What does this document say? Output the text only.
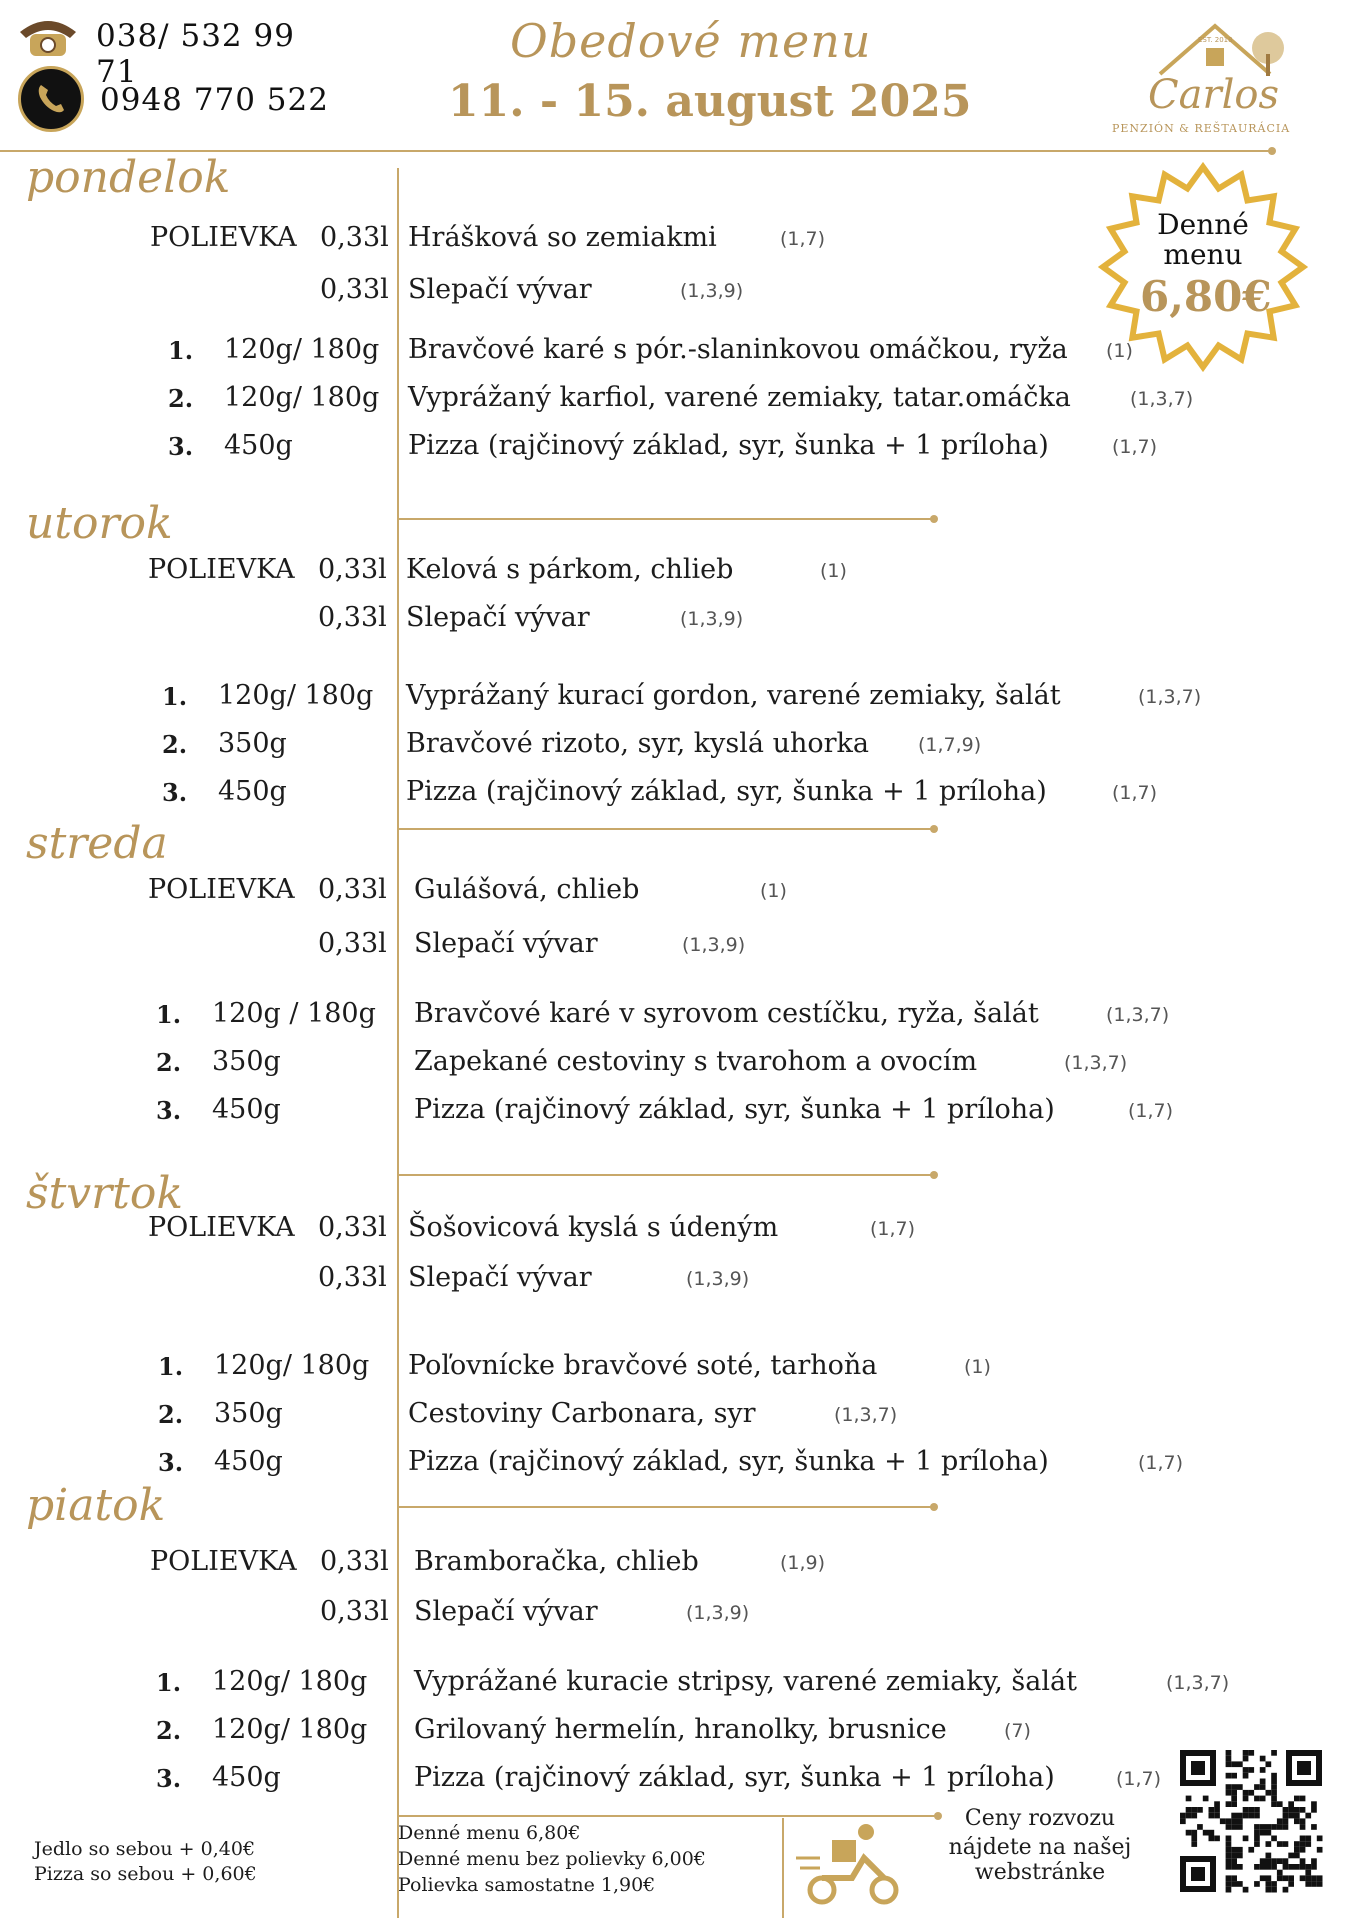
038/ 532 99 71
0948 770 522
Obedové menu
11. - 15. august 2025
EST. 2018
Carlos
PENZIÓN & REŠTAURÁCIA
Denné
menu
6,80€
pondelok
POLIEVKA 0,33l Hrášková so zemiakmi	(1,7)
0,33l Slepačí vývar	(1,3,9)
1. 120g/ 180g Bravčové karé s pór.-slaninkovou omáčkou, ryža (1)
2. 120g/ 180g Vyprážaný karfiol, varené zemiaky, tatar.omáčka	(1,3,7)
3. 450g	Pizza (rajčinový základ, syr, šunka + 1 príloha)	(1,7)
utorok
POLIEVKA 0,33l Kelová s párkom, chlieb	(1)
0,33l Slepačí vývar	(1,3,9)
1. 120g/ 180g Vyprážaný kurací gordon, varené zemiaky, šalát	(1,3,7)
2. 350g	Bravčové rizoto, syr, kyslá uhorka	(1,7,9)
3. 450g	Pizza (rajčinový základ, syr, šunka + 1 príloha)	(1,7)
streda
POLIEVKA 0,33l Gulášová, chlieb	(1)
0,33l Slepačí vývar	(1,3,9)
1. 120g / 180g Bravčové karé v syrovom cestíčku, ryža, šalát	(1,3,7)
2. 350g	Zapekané cestoviny s tvarohom a ovocím	(1,3,7)
3. 450g	Pizza (rajčinový základ, syr, šunka + 1 príloha)	(1,7)
štvrtok
POLIEVKA 0,33l Šošovicová kyslá s údeným	(1,7)
0,33l Slepačí vývar	(1,3,9)
1. 120g/ 180g Poľovnícke bravčové soté, tarhoňa	(1)
2. 350g	Cestoviny Carbonara, syr	(1,3,7)
3. 450g	Pizza (rajčinový základ, syr, šunka + 1 príloha)	(1,7)
piatok
POLIEVKA 0,33l Bramboračka, chlieb	(1,9)
0,33l Slepačí vývar	(1,3,9)
1. 120g/ 180g Vyprážané kuracie stripsy, varené zemiaky, šalát	(1,3,7)
2. 120g/ 180g Grilovaný hermelín, hranolky, brusnice	(7)
3. 450g	Pizza (rajčinový základ, syr, šunka + 1 príloha)	(1,7)
Jedlo so sebou + 0,40€
Pizza so sebou + 0,60€
Denné menu 6,80€
Denné menu bez polievky 6,00€
Polievka samostatne 1,90€
Ceny rozvozu
nájdete na našej
webstránke
